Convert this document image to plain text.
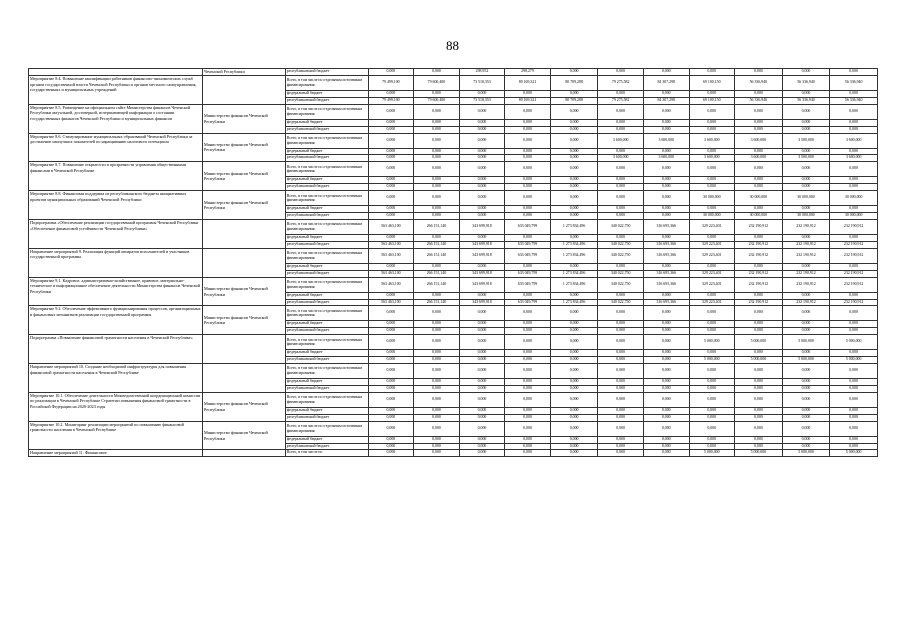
88
	Чеченской Республики	республиканский бюджет	0,000	0,000	298,952	298,279	0,000	0,000	0,000	0,000	0,000	0,000	0,000
Мероприятие 8.4. Повышение квалификации работников финансово-экономических служб органов государственной власти Чеченской Республики и органов местного самоуправления, государственных и муниципальных учреждений		Всего, в том числе по отдельным источникам финансирования:	79 499,100	79 600,400	73 518,353	80 169,321	80 709,288	79 275,582	84 307,298	69 100,150	56 336,940	56 336,940	56 336,940

		федеральный бюджет	0,000	0,000	0,000	0,000	0,000	0,000	0,000	0,000	0,000	0,000	0,000
		республиканский бюджет	79 499,100	79 600,400	73 518,353	80 169,321	80 709,288	79 275,582	84 307,298	69 100,150	56 336,940	56 336,940	56 336,940
Мероприятие 8.5. Размещение на официальном сайте Министерства финансов Чеченской Республики актуальной, достоверной, исчерпывающей информации о состоянии государственных финансов Чеченской Республики и муниципальных финансов	Министерство финансов Чеченской Республики	Всего, в том числе по отдельным источникам финансирования:	0,000	0,000	0,000	0,000	0,000	0,000	0,000	0,000	0,000	0,000	0,000

		федеральный бюджет	0,000	0,000	0,000	0,000	0,000	0,000	0,000	0,000	0,000	0,000	0,000
		республиканский бюджет	0,000	0,000	0,000	0,000	0,000	0,000	0,000	0,000	0,000	0,000	0,000
Мероприятие 8.6. Стимулирование муниципальных образований Чеченской Республики за достижение наилучших показателей по наращиванию налогового потенциала	Министерство финансов Чеченской Республики	Всего, в том числе по отдельным источникам финансирования:	0,000	0,000	0,000	0,000	0,000	3 600,000	3 600,000	3 600,000	3 600,000	3 500,000	3 600,000

		федеральный бюджет	0,000	0,000	0,000	0,000	0,000	0,000	0,000	0,000	0,000	0,000	0,000
		республиканский бюджет	0,000	0,000	0,000	0,000	0,000	3 600,000	3 600,000	3 600,000	3 600,000	3 500,000	3 600,000
Мероприятие 8.7. Повышение открытости и прозрачности управления общественными финансами в Чеченской Республике	Министерство финансов Чеченской Республики	Всего, в том числе по отдельным источникам финансирования:	0,000	0,000	0,000	0,000	0,000	0,000	0,000	0,000	0,000	0,000	0,000

		федеральный бюджет	0,000	0,000	0,000	0,000	0,000	0,000	0,000	0,000	0,000	0,000	0,000
		республиканский бюджет	0,000	0,000	0,000	0,000	0,000	0,000	0,000	0,000	0,000	0,000	0,000
Мероприятие 8.8. Финансовая поддержка из республиканского бюджета инициативных проектов муниципальных образований Чеченской Республики	Министерство финансов Чеченской Республики	Всего, в том числе по отдельным источникам финансирования:	0,000	0,000	0,000	0,000	0,000	0,000	0,000	30 000,000	30 000,000	30 000,000	30 000,000

		федеральный бюджет	0,000	0,000	0,000	0,000	0,000	0,000	0,000	0,000	0,000	0,000	0,000
		республиканский бюджет	0,000	0,000	0,000	0,000	0,000	0,000	0,000	30 000,000	30 000,000	30 000,000	30 000,000
Подпрограмма «Обеспечение реализации государственной программы Чеченской Республики «Обеспечение финансовой устойчивости Чеченской Республики»		Всего, в том числе по отдельным источникам финансирования:	563 463,100	266 151,140	343 699,918	633 049,799	1 273 834,496	340 022,750	316 695,366	329 223,401	232 190,912	232 190,912	232 190,912

		федеральный бюджет	0,000	0,000	0,000	0,000	0,000	0,000	0,000	0,000	0,000	0,000	0,000
		республиканский бюджет	563 463,100	266 151,140	343 699,918	633 049,799	1 273 834,496	340 022,750	316 695,366	329 223,401	232 190,912	232 190,912	232 190,912
Направление мероприятий 9. Реализация функций аппаратов исполнителей и участников государственной программы		Всего, в том числе по отдельным источникам финансирования:	563 463,100	266 151,140	343 699,918	633 049,799	1 273 834,496	340 022,750	316 695,366	329 223,401	232 190,912	232 190,912	232 190,912

		федеральный бюджет	0,000	0,000	0,000	0,000	0,000	0,000	0,000	0,000	0,000	0,000	0,000
		республиканский бюджет	563 463,100	266 151,140	343 699,918	633 049,799	1 273 834,496	340 022,750	316 695,366	329 223,401	232 190,912	232 190,912	232 190,912
Мероприятие 9.1. Кадровое, административно-хозяйственное, правовое, материально-техническое и информационное обеспечение деятельности Министерства финансов Чеченской Республики	Министерство финансов Чеченской Республики	Всего, в том числе по отдельным источникам финансирования:	563 463,100	266 151,140	343 699,918	633 049,799	1 273 834,496	340 022,750	316 695,366	329 223,401	232 190,912	232 190,912	232 190,912

		федеральный бюджет	0,000	0,000	0,000	0,000	0,000	0,000	0,000	0,000	0,000	0,000	0,000
		республиканский бюджет	563 463,100	266 151,140	343 699,918	633 049,799	1 273 834,496	340 022,750	316 695,366	329 223,401	232 190,912	232 190,912	232 190,912
Мероприятие 9.2. Обеспечение эффективного функционирования процессов, организационных и финансовых механизмов реализации государственной программы	Министерство финансов Чеченской Республики	Всего, в том числе по отдельным источникам финансирования:	0,000	0,000	0,000	0,000	0,000	0,000	0,000	0,000	0,000	0,000	0,000

		федеральный бюджет	0,000	0,000	0,000	0,000	0,000	0,000	0,000	0,000	0,000	0,000	0,000
		республиканский бюджет	0,000	0,000	0,000	0,000	0,000	0,000	0,000	0,000	0,000	0,000	0,000
Подпрограмма «Повышение финансовой грамотности населения в Чеченской Республике»		Всего, в том числе по отдельным источникам финансирования:	0,000	0,000	0,000	0,000	0,000	0,000	0,000	5 000,000	5 000,000	5 000,000	5 000,000

		федеральный бюджет	0,000	0,000	0,000	0,000	0,000	0,000	0,000	0,000	0,000	0,000	0,000
		республиканский бюджет	0,000	0,000	0,000	0,000	0,000	0,000	0,000	5 000,000	5 000,000	5 000,000	5 000,000
Направление мероприятий 10. Создание необходимой инфраструктуры для повышения финансовой грамотности населения в Чеченской Республике		Всего, в том числе по отдельным источникам финансирования:	0,000	0,000	0,000	0,000	0,000	0,000	0,000	0,000	0,000	0,000	0,000

		федеральный бюджет	0,000	0,000	0,000	0,000	0,000	0,000	0,000	0,000	0,000	0,000	0,000
		республиканский бюджет	0,000	0,000	0,000	0,000	0,000	0,000	0,000	0,000	0,000	0,000	0,000
Мероприятие 10.1. Обеспечение деятельности Межведомственной координационной комиссии по реализации в Чеченской Республике Стратегии повышения финансовой грамотности в Российской Федерации на 2020-2023 годы	Министерство финансов Чеченской Республики	Всего, в том числе по отдельным источникам финансирования:	0,000	0,000	0,000	0,000	0,000	0,000	0,000	0,000	0,000	0,000	0,000

		федеральный бюджет	0,000	0,000	0,000	0,000	0,000	0,000	0,000	0,000	0,000	0,000	0,000
		республиканский бюджет	0,000	0,000	0,000	0,000	0,000	0,000	0,000	0,000	0,000	0,000	0,000
Мероприятие 10.2. Мониторинг реализации мероприятий по повышению финансовой грамотности населения в Чеченской Республике	Министерство финансов Чеченской Республики	Всего, в том числе по отдельным источникам финансирования:	0,000	0,000	0,000	0,000	0,000	0,000	0,000	0,000	0,000	0,000	0,000

		федеральный бюджет	0,000	0,000	0,000	0,000	0,000	0,000	0,000	0,000	0,000	0,000	0,000
		республиканский бюджет	0,000	0,000	0,000	0,000	0,000	0,000	0,000	0,000	0,000	0,000	0,000
Направление мероприятий 11. Финансовое		Всего, в том числе по	0,000	0,000	0,000	0,000	0,000	0,000	0,000	5 000,000	5 000,000	5 000,000	5 000,000
